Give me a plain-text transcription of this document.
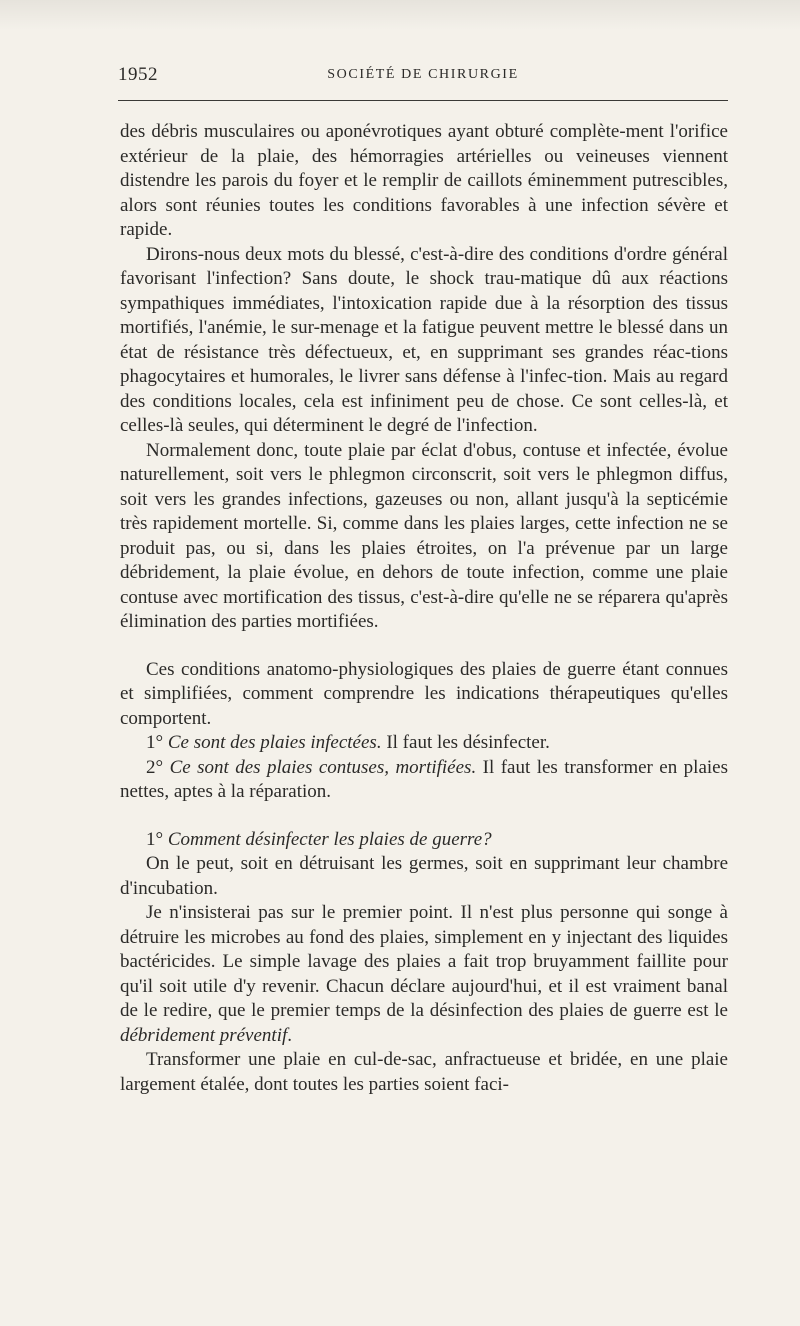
1952	SOCIÉTÉ DE CHIRURGIE

des débris musculaires ou aponévrotiques ayant obturé complète-ment l'orifice extérieur de la plaie, des hémorragies artérielles ou veineuses viennent distendre les parois du foyer et le remplir de caillots éminemment putrescibles, alors sont réunies toutes les conditions favorables à une infection sévère et rapide.

Dirons-nous deux mots du blessé, c'est-à-dire des conditions d'ordre général favorisant l'infection? Sans doute, le shock trau-matique dû aux réactions sympathiques immédiates, l'intoxication rapide due à la résorption des tissus mortifiés, l'anémie, le sur-menage et la fatigue peuvent mettre le blessé dans un état de résistance très défectueux, et, en supprimant ses grandes réac-tions phagocytaires et humorales, le livrer sans défense à l'infec-tion. Mais au regard des conditions locales, cela est infiniment peu de chose. Ce sont celles-là, et celles-là seules, qui déterminent le degré de l'infection.

Normalement donc, toute plaie par éclat d'obus, contuse et infectée, évolue naturellement, soit vers le phlegmon circonscrit, soit vers le phlegmon diffus, soit vers les grandes infections, gazeuses ou non, allant jusqu'à la septicémie très rapidement mortelle. Si, comme dans les plaies larges, cette infection ne se produit pas, ou si, dans les plaies étroites, on l'a prévenue par un large débridement, la plaie évolue, en dehors de toute infection, comme une plaie contuse avec mortification des tissus, c'est-à-dire qu'elle ne se réparera qu'après élimination des parties mortifiées.

Ces conditions anatomo-physiologiques des plaies de guerre étant connues et simplifiées, comment comprendre les indications thérapeutiques qu'elles comportent.

1° Ce sont des plaies infectées. Il faut les désinfecter.

2° Ce sont des plaies contuses, mortifiées. Il faut les transformer en plaies nettes, aptes à la réparation.

1° Comment désinfecter les plaies de guerre?

On le peut, soit en détruisant les germes, soit en supprimant leur chambre d'incubation.

Je n'insisterai pas sur le premier point. Il n'est plus personne qui songe à détruire les microbes au fond des plaies, simplement en y injectant des liquides bactéricides. Le simple lavage des plaies a fait trop bruyamment faillite pour qu'il soit utile d'y revenir. Chacun déclare aujourd'hui, et il est vraiment banal de le redire, que le premier temps de la désinfection des plaies de guerre est le débridement préventif.

Transformer une plaie en cul-de-sac, anfractueuse et bridée, en une plaie largement étalée, dont toutes les parties soient faci-
